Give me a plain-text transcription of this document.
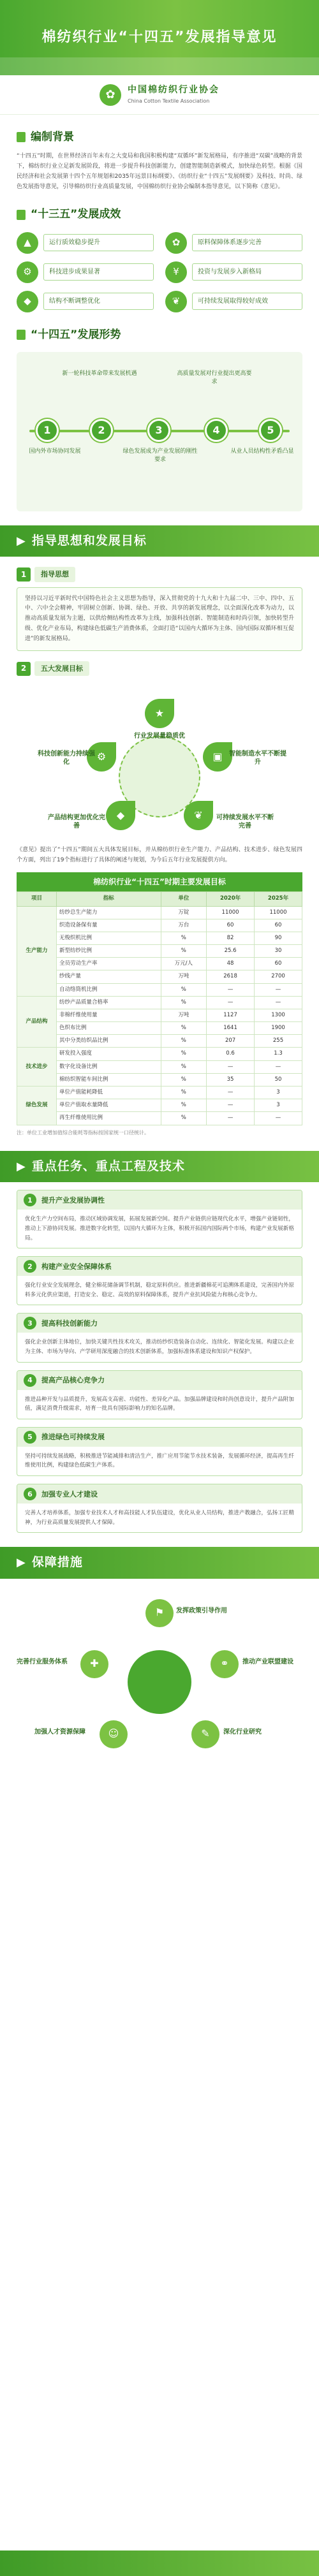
棉纺织行业“十四五”发展指导意见
✿	中国棉纺织行业协会
China Cotton Textile Association
编制背景

“十四五”时期，在世界经济百年未有之大变局和我国积极构建“双循环”新发展格局，有序推进“双碳”战略的背景下，棉纺织行业立足新发展阶段，将进一步提升科技创新能力，创建智能制造新模式，加快绿色转型。根据《国民经济和社会发展第十四个五年规划和2035年远景目标纲要》、《纺织行业“十四五”发展纲要》及科技、时尚、绿色发展指导意见，引导棉纺织行业高质量发展，中国棉纺织行业协会编制本指导意见，以下简称《意见》。

“十三五”发展成效
▲	运行质效稳步提升	✿	原料保障体系逐步完善
⚙	科技进步成果显著	¥	投资与发展步入新格局
◆	结构不断调整优化	❦	可持续发展取得较好成效
“十四五”发展形势
1
国内外市场协同发展
2
新一轮科技革命带来发展机遇
3
绿色发展成为产业发展的刚性要求
4
高质量发展对行业提出更高要求
5
从业人员结构性矛盾凸显
▶ 指导思想和发展目标
1	指导思想

坚持以习近平新时代中国特色社会主义思想为指导，深入贯彻党的十九大和十九届二中、三中、四中、五中、六中全会精神，牢固树立创新、协调、绿色、开放、共享的新发展理念，以全面深化改革为动力，以推动高质量发展为主题，以供给侧结构性改革为主线，加强科技创新、智能制造和时尚引领，加快转型升级、优化产业布局，构建绿色低碳生产消费体系，全面打造“以国内大循环为主体、国内国际双循环相互促进”的新发展格局。

2	五大发展目标
★
行业发展量稳质优
⚙
科技创新能力持续强化	▣	智能制造水平不断提升
◆
产品结构更加优化完善
❦	可持续发展水平不断完善

《意见》提出了“十四五”期间五大具体发展目标，并从棉纺织行业生产能力、产品结构、技术进步、绿色发展四个方面，列出了19个指标进行了具体的阐述与规划，为今后五年行业发展提供方向。

棉纺织行业“十四五”时期主要发展目标
项目	指标	单位	2020年	2025年
生产能力	纺纱总生产能力	万锭	11000	11000
	织造设备保有量	万台	60	60
	无梭织机比例	%	82	90
	新型纺纱比例	%	25.6	30
	全员劳动生产率	万元/人	48	60
	纱线产量	万吨	2618	2700
	自动络筒机比例	%	—	—
产品结构	纺纱产品质量合格率	%	—	—
	非棉纤维使用量	万吨	1127	1300
	色织布比例	%	1641	1900
	其中分类纺织品比例	%	207	255
技术进步	研发投入强度	%	0.6	1.3
	数字化设备比例	%	—	—
	棉纺织智能车间比例	%	35	50
绿色发展	单位产值能耗降低	%	—	3
	单位产值取水量降低	%	—	3
	再生纤维使用比例	%	—	—

注：单位工业增加值综合能耗等指标按国家统一口径统计。

▶ 重点任务、重点工程及技术
1	提升产业发展协调性
优化生产力空间布局，推动区域协调发展，拓展发展新空间。提升产业链供应链现代化水平，增强产业链韧性，推动上下游协同发展。推进数字化转型，以国内大循环为主体，积极开拓国内国际两个市场，构建产业发展新格局。
2	构建产业安全保障体系
强化行业安全发展理念，健全棉花储备调节机制，稳定原料供应。推进新疆棉花可追溯体系建设，完善国内外原料多元化供应渠道，打造安全、稳定、高效的原料保障体系，提升产业抗风险能力和核心竞争力。
3	提高科技创新能力
强化企业创新主体地位，加快关键共性技术攻关，推动纺纱织造装备自动化、连续化、智能化发展。构建以企业为主体、市场为导向、产学研用深度融合的技术创新体系，加强标准体系建设和知识产权保护。
4	提高产品核心竞争力
推进品种开发与品质提升，发展高支高密、功能性、差异化产品。加强品牌建设和时尚创意设计，提升产品附加值，满足消费升级需求，培育一批具有国际影响力的知名品牌。
5	推进绿色可持续发展
坚持可持续发展战略，积极推进节能减排和清洁生产，推广应用节能节水技术装备，发展循环经济，提高再生纤维使用比例，构建绿色低碳生产体系。
6	加强专业人才建设
完善人才培养体系，加强专业技术人才和高技能人才队伍建设，优化从业人员结构，推进产教融合，弘扬工匠精神，为行业高质量发展提供人才保障。
▶ 保障措施
⚑	发挥政策引导作用
✚
完善行业服务体系	⚭	推动产业联盟建设
☺
加强人才资源保障	✎	深化行业研究
